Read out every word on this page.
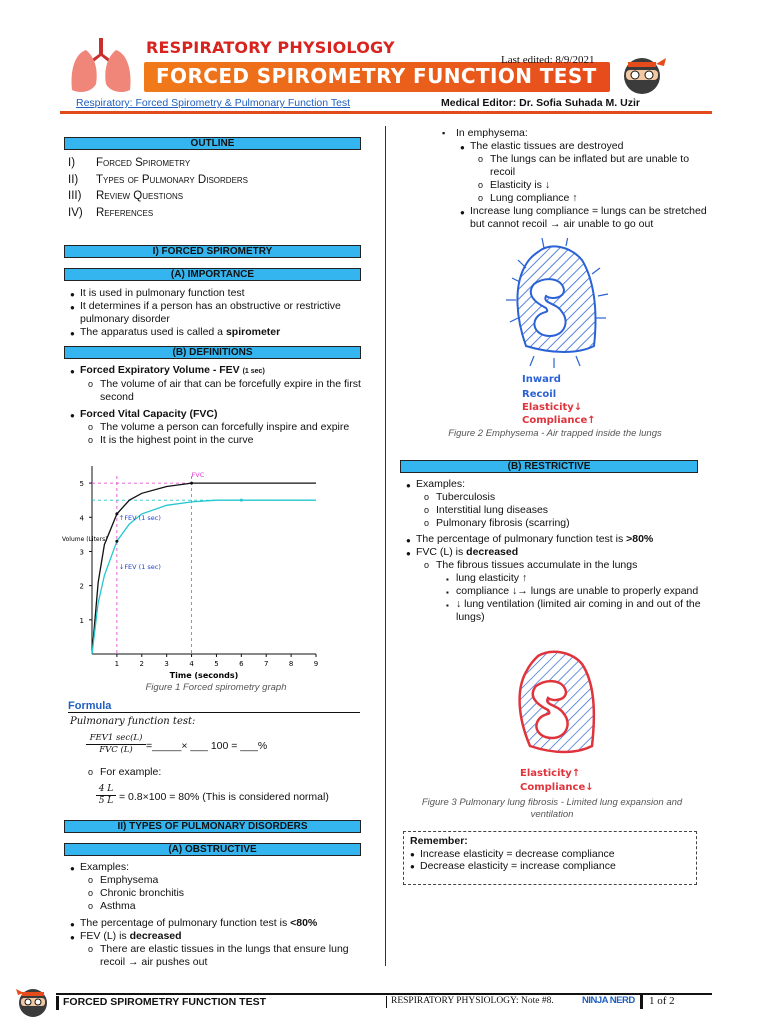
RESPIRATORY PHYSIOLOGY
FORCED SPIROMETRY FUNCTION TEST
Last edited: 8/9/2021
Respiratory: Forced Spirometry & Pulmonary Function Test	Medical Editor: Dr. Sofia Suhada M. Uzir
OUTLINE
I) Forced Spirometry
II) Types of Pulmonary Disorders
III) Review Questions
IV) References
I) FORCED SPIROMETRY
(A) IMPORTANCE
● It is used in pulmonary function test
● It determines if a person has an obstructive or restrictive pulmonary disorder
● The apparatus used is called a spirometer
(B) DEFINITIONS
● Forced Expiratory Volume - FEV (1 sec)
o The volume of air that can be forcefully expire in the first second
● Forced Vital Capacity (FVC)
o The volume a person can forcefully inspire and expire
o It is the highest point in the curve
1	2	3	4	5	6	7	8	9
1
2
3
4
5
Time (seconds)
Volume (Liters)
FVC
↑FEV (1 sec)
↓FEV (1 sec)
Figure 1 Forced spirometry graph
Formula
Pulmonary function test:
FEV1 sec(L)
FVC (L)	=_____× ___ 100 = ___%
o For example:
4 L
5 L = 0.8×100 = 80% (This is considered normal)
II) TYPES OF PULMONARY DISORDERS
(A) OBSTRUCTIVE
● Examples:
o Emphysema
o Chronic bronchitis
o Asthma
● The percentage of pulmonary function test is <80%
● FEV (L) is decreased
o There are elastic tissues in the lungs that ensure lung recoil → air pushes out
▪ In emphysema:
● The elastic tissues are destroyed
o The lungs can be inflated but are unable to recoil
o Elasticity is ↓
o Lung compliance ↑
● Increase lung compliance = lungs can be stretched but cannot recoil → air unable to go out
Inward
Recoil
Elasticity↓
Compliance↑
Figure 2 Emphysema - Air trapped inside the lungs
(B) RESTRICTIVE
● Examples:
o Tuberculosis
o Interstitial lung diseases
o Pulmonary fibrosis (scarring)
● The percentage of pulmonary function test is >80%
● FVC (L) is decreased
o The fibrous tissues accumulate in the lungs
▪ lung elasticity ↑
▪ compliance ↓→ lungs are unable to properly expand
▪ ↓ lung ventilation (limited air coming in and out of the lungs)
Elasticity↑
Compliance↓
Figure 3 Pulmonary lung fibrosis - Limited lung expansion and ventilation
Remember:
● Increase elasticity = decrease compliance
● Decrease elasticity = increase compliance
FORCED SPIROMETRY FUNCTION TEST	RESPIRATORY PHYSIOLOGY: Note #8.	NINJA NERD	1 of 2
